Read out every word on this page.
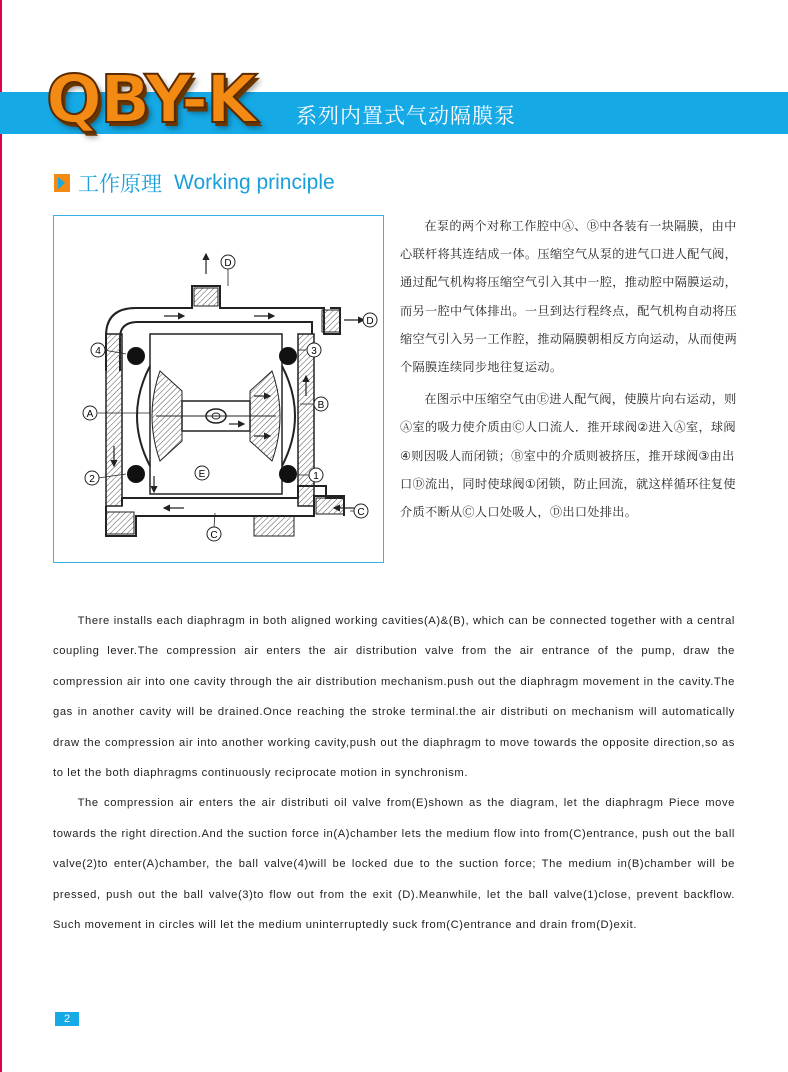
QBY-K 系列内置式气动隔膜泵
工作原理 Working principle
D
D
A
B
C
C
E
4	3
2	1

在泵的两个对称工作腔中Ⓐ、Ⓑ中各装有一块隔膜，由中心联杆将其连结成一体。压缩空气从泵的进气口进人配气阀，通过配气机构将压缩空气引入其中一腔，推动腔中隔膜运动，而另一腔中气体排出。一旦到达行程终点，配气机构自动将压缩空气引入另一工作腔，推动隔膜朝相反方向运动，从而使两个隔膜连续同步地往复运动。

在图示中压缩空气由Ⓔ进人配气阀，使膜片向右运动，则Ⓐ室的吸力使介质由Ⓒ人口流人．推开球阀②进入Ⓐ室，球阀④则因吸人而闭锁；Ⓑ室中的介质则被挤压，推开球阀③由出口Ⓓ流出，同时使球阀①闭锁，防止回流，就这样循环往复使介质不断从Ⓒ人口处吸人，Ⓓ出口处排出。

There installs each diaphragm in both aligned working cavities(A)&(B), which can be connected together with a central coupling lever.The compression air enters the air distribution valve from the air entrance of the pump, draw the compression air into one cavity through the air distribution mechanism.push out the diaphragm movement in the cavity.The gas in another cavity will be drained.Once reaching the stroke terminal.the air distributi on mechanism will automatically draw the compression air into another working cavity,push out the diaphragm to move towards the opposite direction,so as to let the both diaphragms continuously reciprocate motion in synchronism.

The compression air enters the air distributi oil valve from(E)shown as the diagram, let the diaphragm Piece move towards the right direction.And the suction force in(A)chamber lets the medium flow into from(C)entrance, push out the ball valve(2)to enter(A)chamber, the ball valve(4)will be locked due to the suction force; The medium in(B)chamber will be pressed, push out the ball valve(3)to flow out from the exit (D).Meanwhile, let the ball valve(1)close, prevent backflow. Such movement in circles will let the medium uninterruptedly suck from(C)entrance and drain from(D)exit.

2
